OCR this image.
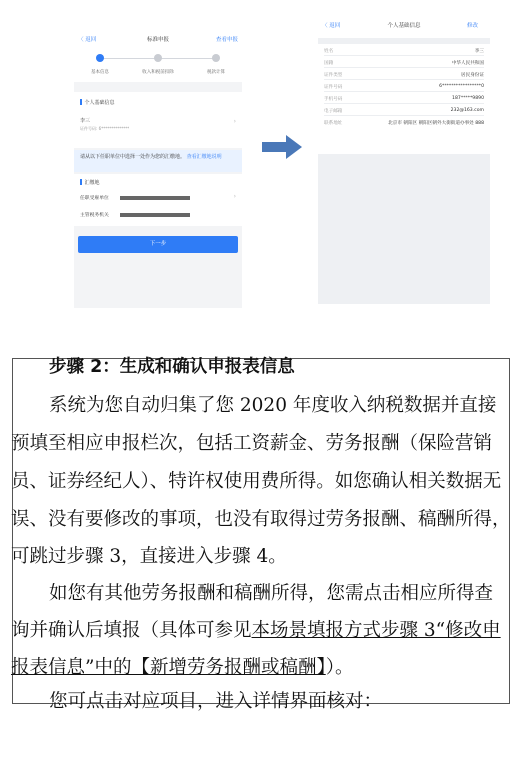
〈 返回	标准申报	查看申报
基本信息	收入和税前扣除	税款计算
个人基础信息
李三
证件号码: 6**************
›
请从以下任职单位中选择一处作为您的汇缴地。 查看汇缴地说明
汇缴地
任职受雇单位	›
主管税务机关
下一步
〈 返回	个人基础信息	修改
姓名	李三
国籍	中华人民共和国
证件类型	居民身份证
证件号码	6*****************0
手机号码	187*****9890
电子邮箱	232@163.com
联系地址	北京市 朝阳区 朝阳区朝外大街街道办事处 888
步骤 2：生成和确认申报表信息
系统为您自动归集了您 2020 年度收入纳税数据并直接
预填至相应申报栏次，包括工资薪金、劳务报酬（保险营销
员、证券经纪人）、特许权使用费所得。如您确认相关数据无
误、没有要修改的事项，也没有取得过劳务报酬、稿酬所得，
可跳过步骤 3，直接进入步骤 4。
如您有其他劳务报酬和稿酬所得，您需点击相应所得查
询并确认后填报（具体可参见本场景填报方式步骤 3“修改申
报表信息”中的【新增劳务报酬或稿酬】）。
您可点击对应项目，进入详情界面核对：
